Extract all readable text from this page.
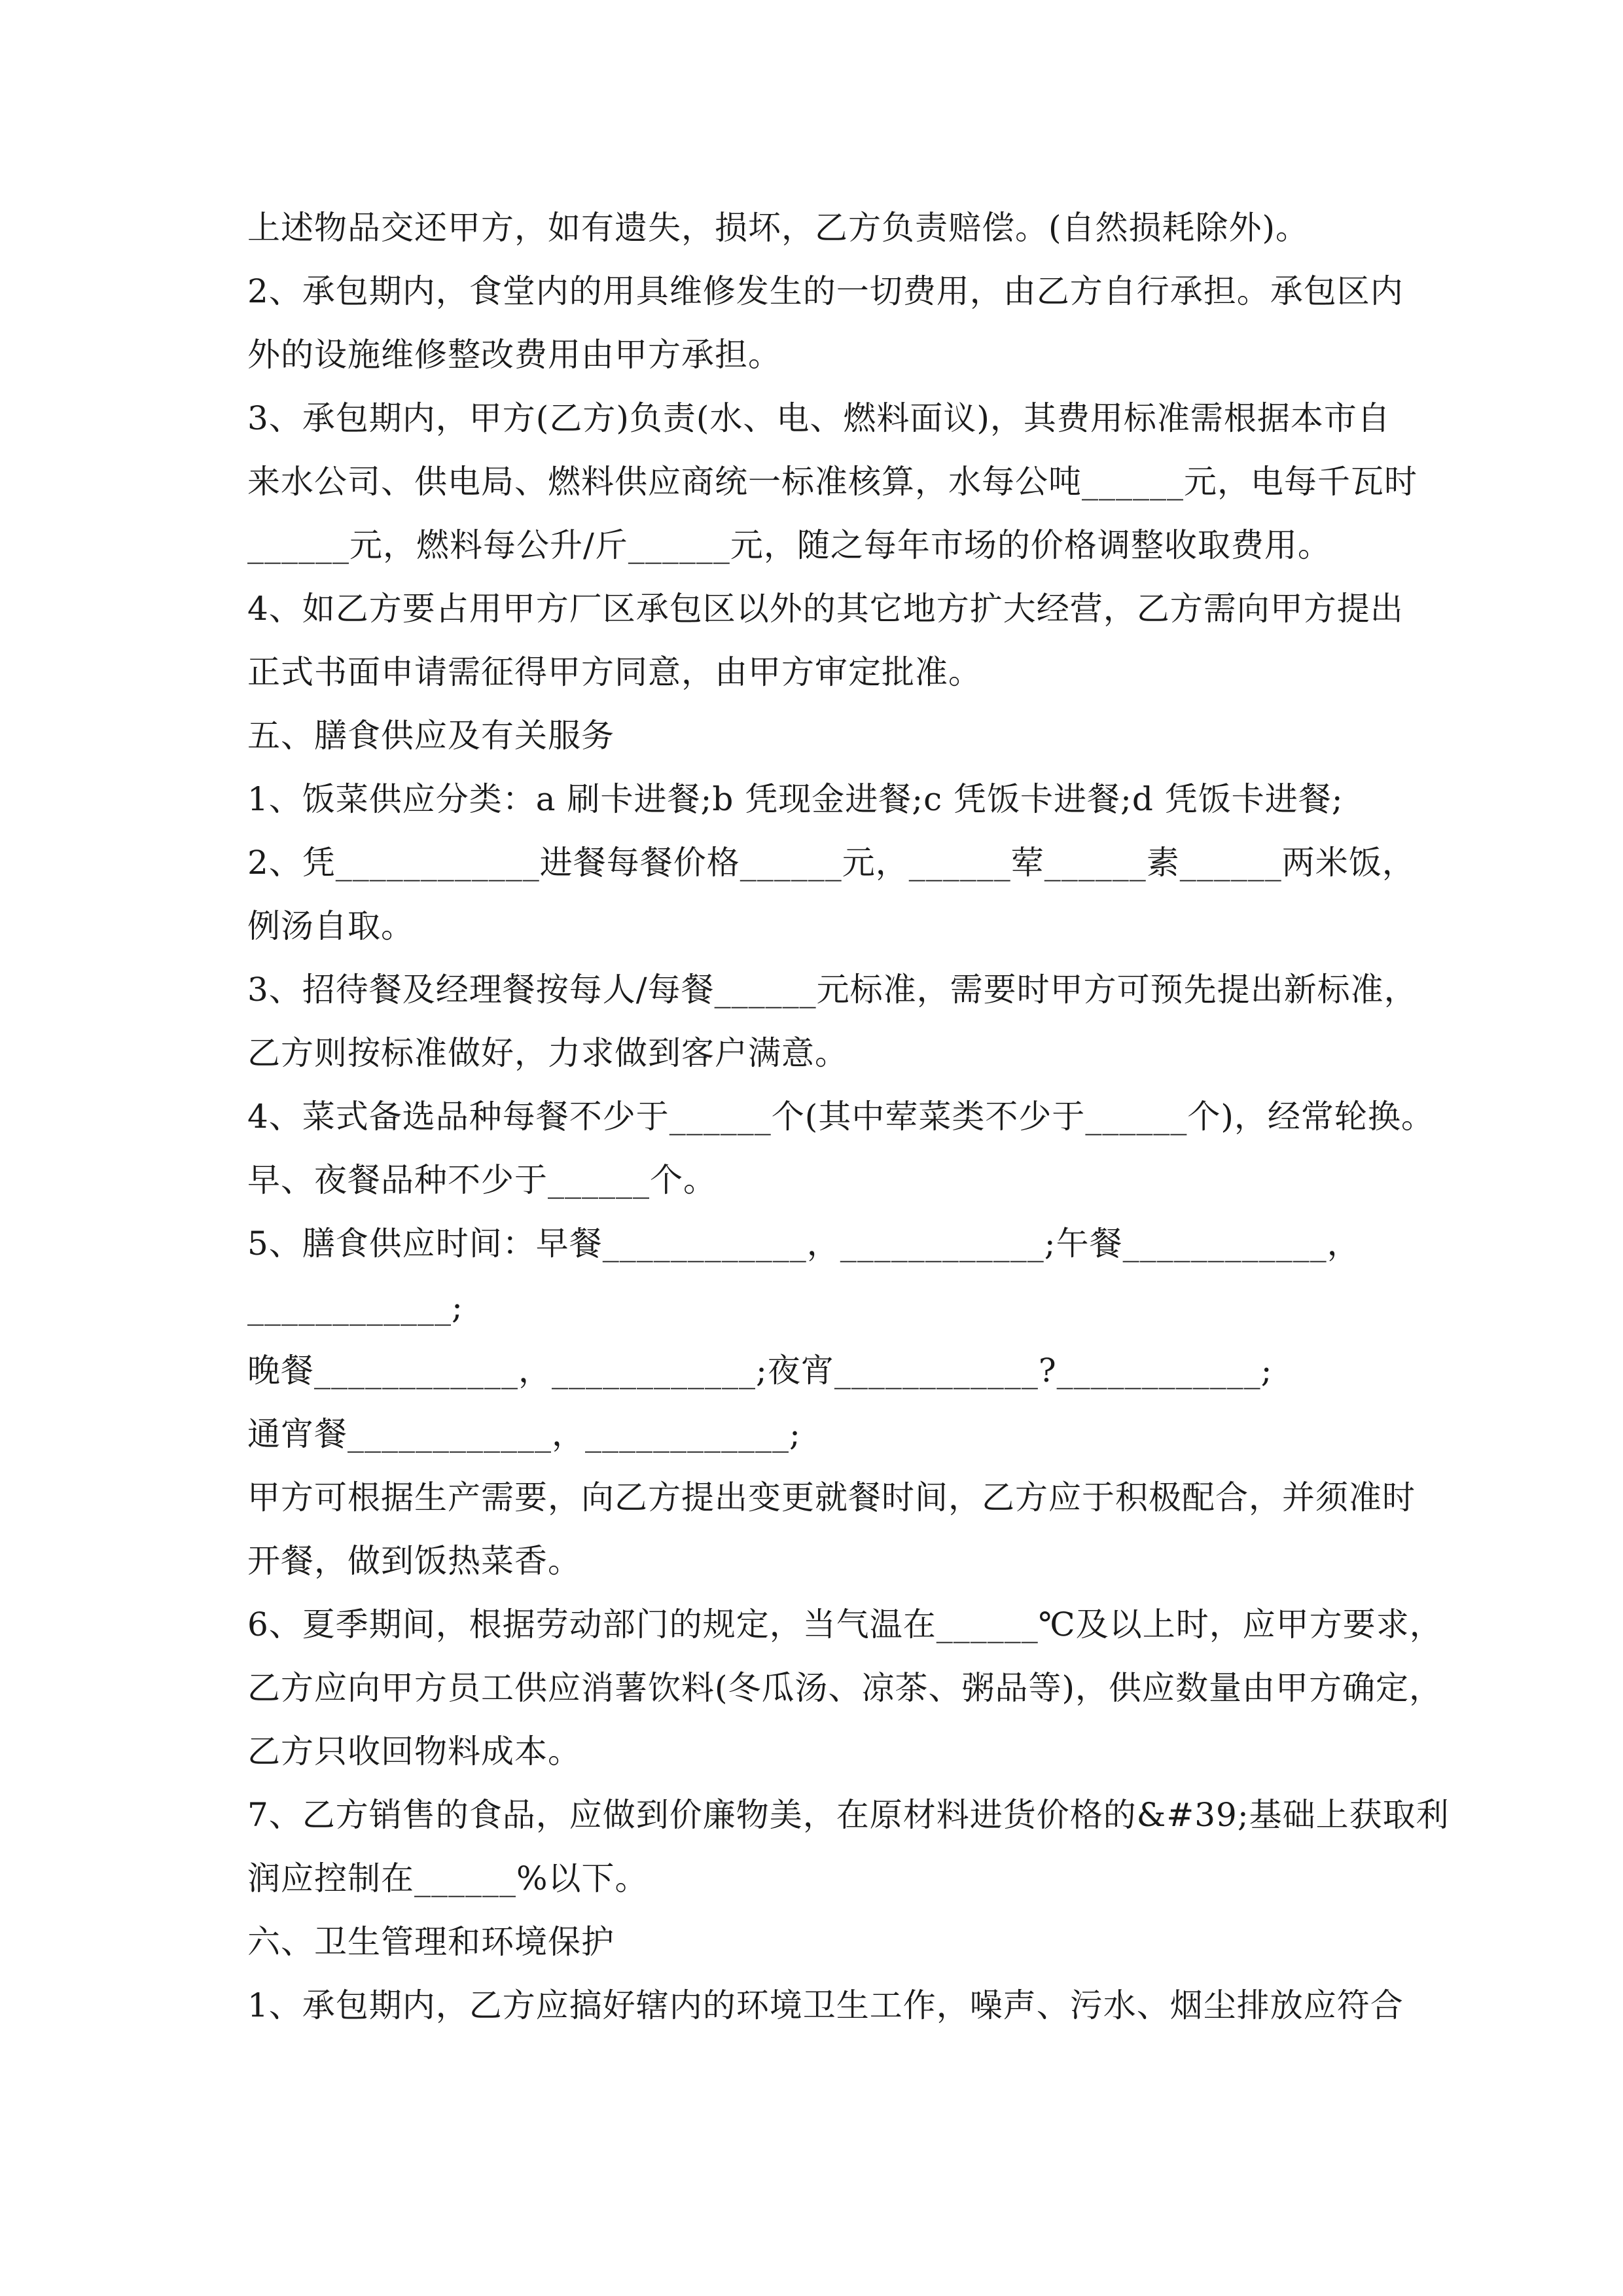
上述物品交还甲方，如有遗失，损坏，乙方负责赔偿。(自然损耗除外)。
2、承包期内，食堂内的用具维修发生的一切费用，由乙方自行承担。承包区内
外的设施维修整改费用由甲方承担。
3、承包期内，甲方(乙方)负责(水、电、燃料面议)，其费用标准需根据本市自
来水公司、供电局、燃料供应商统一标准核算，水每公吨______元，电每千瓦时
______元，燃料每公升/斤______元，随之每年市场的价格调整收取费用。
4、如乙方要占用甲方厂区承包区以外的其它地方扩大经营，乙方需向甲方提出
正式书面申请需征得甲方同意，由甲方审定批准。
五、膳食供应及有关服务
1、饭菜供应分类：a 刷卡进餐;b 凭现金进餐;c 凭饭卡进餐;d 凭饭卡进餐;
2、凭____________进餐每餐价格______元，______荤______素______两米饭，
例汤自取。
3、招待餐及经理餐按每人/每餐______元标准，需要时甲方可预先提出新标准，
乙方则按标准做好，力求做到客户满意。
4、菜式备选品种每餐不少于______个(其中荤菜类不少于______个)，经常轮换。
早、夜餐品种不少于______个。
5、膳食供应时间：早餐____________，____________;午餐____________，
____________;
晚餐____________，____________;夜宵____________?____________;
通宵餐____________，____________;
甲方可根据生产需要，向乙方提出变更就餐时间，乙方应于积极配合，并须准时
开餐，做到饭热菜香。
6、夏季期间，根据劳动部门的规定，当气温在______℃及以上时，应甲方要求，
乙方应向甲方员工供应消薯饮料(冬瓜汤、凉茶、粥品等)，供应数量由甲方确定，
乙方只收回物料成本。
7、乙方销售的食品，应做到价廉物美，在原材料进货价格的&#39;基础上获取利
润应控制在______%以下。
六、卫生管理和环境保护
1、承包期内，乙方应搞好辖内的环境卫生工作，噪声、污水、烟尘排放应符合
